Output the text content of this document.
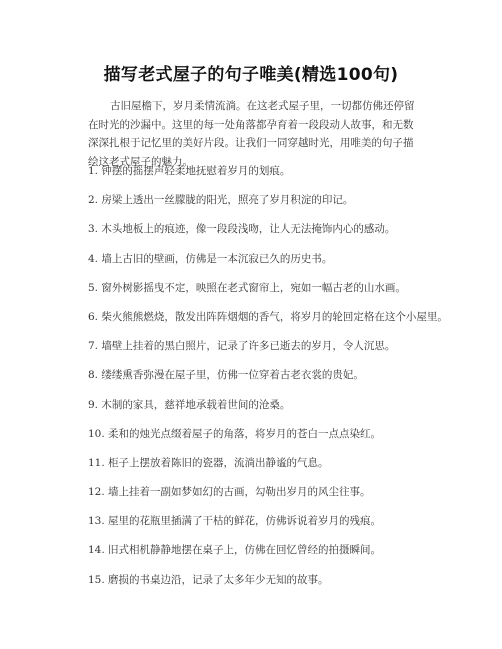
描写老式屋子的句子唯美(精选100句)
古旧屋檐下，岁月柔情流淌。在这老式屋子里，一切都仿佛还停留在时光的沙漏中。这里的每一处角落都孕育着一段段动人故事，和无数深深扎根于记忆里的美好片段。让我们一同穿越时光，用唯美的句子描绘这老式屋子的魅力。
1. 钟摆的摇摆声轻柔地抚慰着岁月的划痕。
2. 房梁上透出一丝朦胧的阳光，照亮了岁月积淀的印记。
3. 木头地板上的痕迹，像一段段浅吻，让人无法掩饰内心的感动。
4. 墙上古旧的壁画，仿佛是一本沉寂已久的历史书。
5. 窗外树影摇曳不定，映照在老式窗帘上，宛如一幅古老的山水画。
6. 柴火熊熊燃烧，散发出阵阵烟烟的香气，将岁月的轮回定格在这个小屋里。
7. 墙壁上挂着的黑白照片，记录了许多已逝去的岁月，令人沉思。
8. 缕缕熏香弥漫在屋子里，仿佛一位穿着古老衣裳的贵妃。
9. 木制的家具，慈祥地承载着世间的沧桑。
10. 柔和的烛光点缀着屋子的角落，将岁月的苍白一点点染红。
11. 柜子上摆放着陈旧的瓷器，流淌出静谧的气息。
12. 墙上挂着一副如梦如幻的古画，勾勒出岁月的风尘往事。
13. 屋里的花瓶里插满了干枯的鲜花，仿佛诉说着岁月的残痕。
14. 旧式相机静静地摆在桌子上，仿佛在回忆曾经的拍摄瞬间。
15. 磨损的书桌边沿，记录了太多年少无知的故事。
